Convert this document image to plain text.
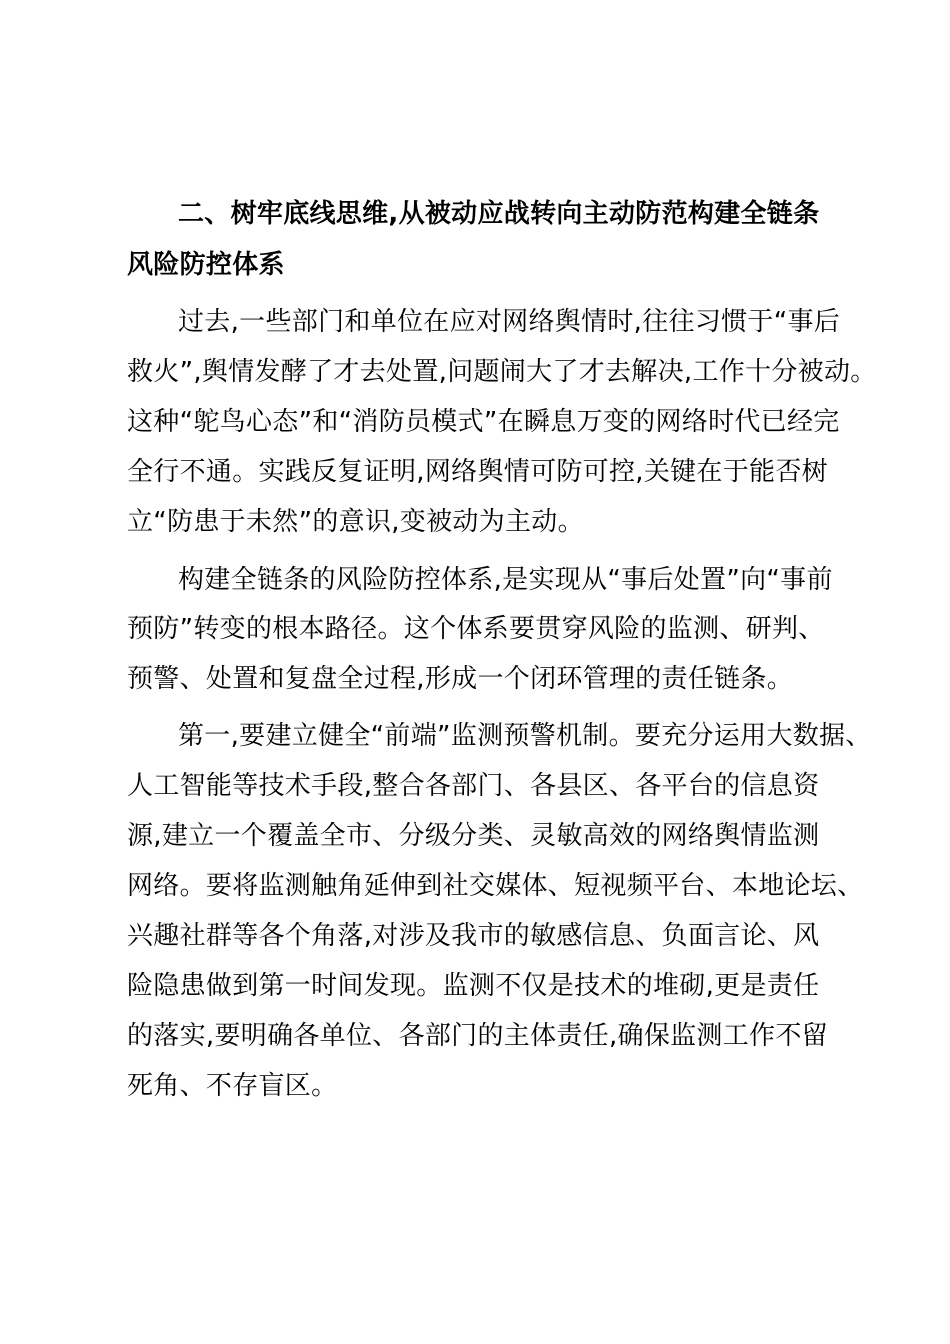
二、树牢底线思维,从被动应战转向主动防范构建全链条
风险防控体系
过去,一些部门和单位在应对网络舆情时,往往习惯于“事后
救火”,舆情发酵了才去处置,问题闹大了才去解决,工作十分被动。
这种“鸵鸟心态”和“消防员模式”在瞬息万变的网络时代已经完
全行不通。实践反复证明,网络舆情可防可控,关键在于能否树
立“防患于未然”的意识,变被动为主动。
构建全链条的风险防控体系,是实现从“事后处置”向“事前
预防”转变的根本路径。这个体系要贯穿风险的监测、研判、
预警、处置和复盘全过程,形成一个闭环管理的责任链条。
第一,要建立健全“前端”监测预警机制。要充分运用大数据、
人工智能等技术手段,整合各部门、各县区、各平台的信息资
源,建立一个覆盖全市、分级分类、灵敏高效的网络舆情监测
网络。要将监测触角延伸到社交媒体、短视频平台、本地论坛、
兴趣社群等各个角落,对涉及我市的敏感信息、负面言论、风
险隐患做到第一时间发现。监测不仅是技术的堆砌,更是责任
的落实,要明确各单位、各部门的主体责任,确保监测工作不留
死角、不存盲区。
